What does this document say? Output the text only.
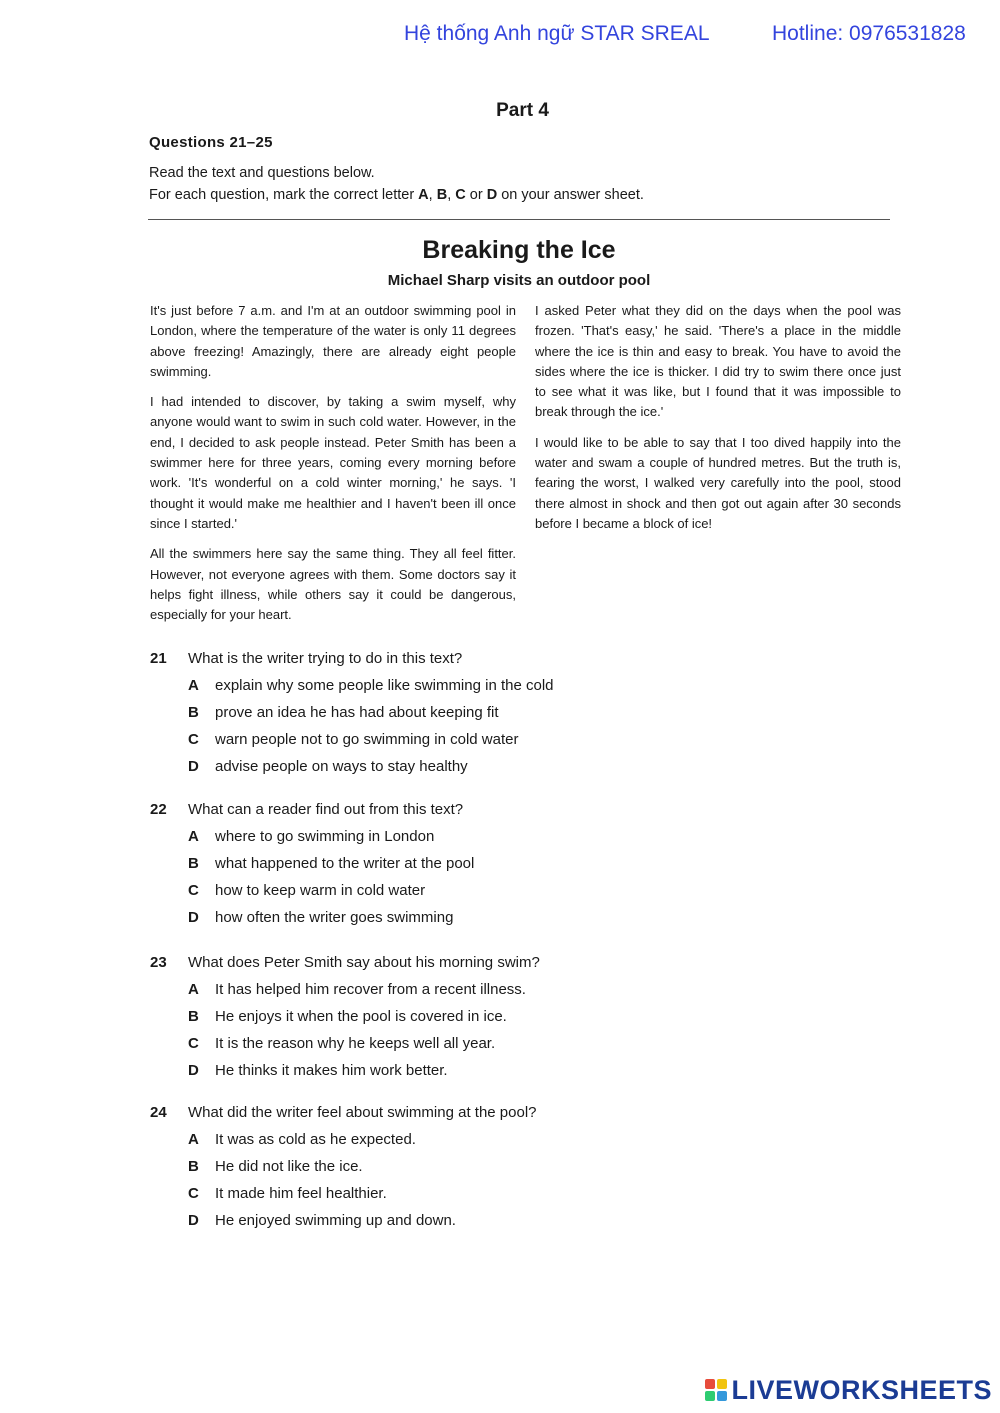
Hệ thống Anh ngữ STAR SREAL	Hotline: 0976531828
Part 4
Questions 21–25
Read the text and questions below.
For each question, mark the correct letter A, B, C or D on your answer sheet.
Breaking the Ice
Michael Sharp visits an outdoor pool

It's just before 7 a.m. and I'm at an outdoor swimming pool in London, where the temperature of the water is only 11 degrees above freezing! Amazingly, there are already eight people swimming.

I had intended to discover, by taking a swim myself, why anyone would want to swim in such cold water. However, in the end, I decided to ask people instead. Peter Smith has been a swimmer here for three years, coming every morning before work. 'It's wonderful on a cold winter morning,' he says. 'I thought it would make me healthier and I haven't been ill once since I started.'

All the swimmers here say the same thing. They all feel fitter. However, not everyone agrees with them. Some doctors say it helps fight illness, while others say it could be dangerous, especially for your heart.

I asked Peter what they did on the days when the pool was frozen. 'That's easy,' he said. 'There's a place in the middle where the ice is thin and easy to break. You have to avoid the sides where the ice is thicker. I did try to swim there once just to see what it was like, but I found that it was impossible to break through the ice.'

I would like to be able to say that I too dived happily into the water and swam a couple of hundred metres. But the truth is, fearing the worst, I walked very carefully into the pool, stood there almost in shock and then got out again after 30 seconds before I became a block of ice!

21 What is the writer trying to do in this text?
A explain why some people like swimming in the cold
B prove an idea he has had about keeping fit
C warn people not to go swimming in cold water
D advise people on ways to stay healthy
22 What can a reader find out from this text?
A where to go swimming in London
B what happened to the writer at the pool
C how to keep warm in cold water
D how often the writer goes swimming
23 What does Peter Smith say about his morning swim?
A It has helped him recover from a recent illness.
B He enjoys it when the pool is covered in ice.
C It is the reason why he keeps well all year.
D He thinks it makes him work better.
24 What did the writer feel about swimming at the pool?
A It was as cold as he expected.
B He did not like the ice.
C It made him feel healthier.
D He enjoyed swimming up and down.
LIVEWORKSHEETS
